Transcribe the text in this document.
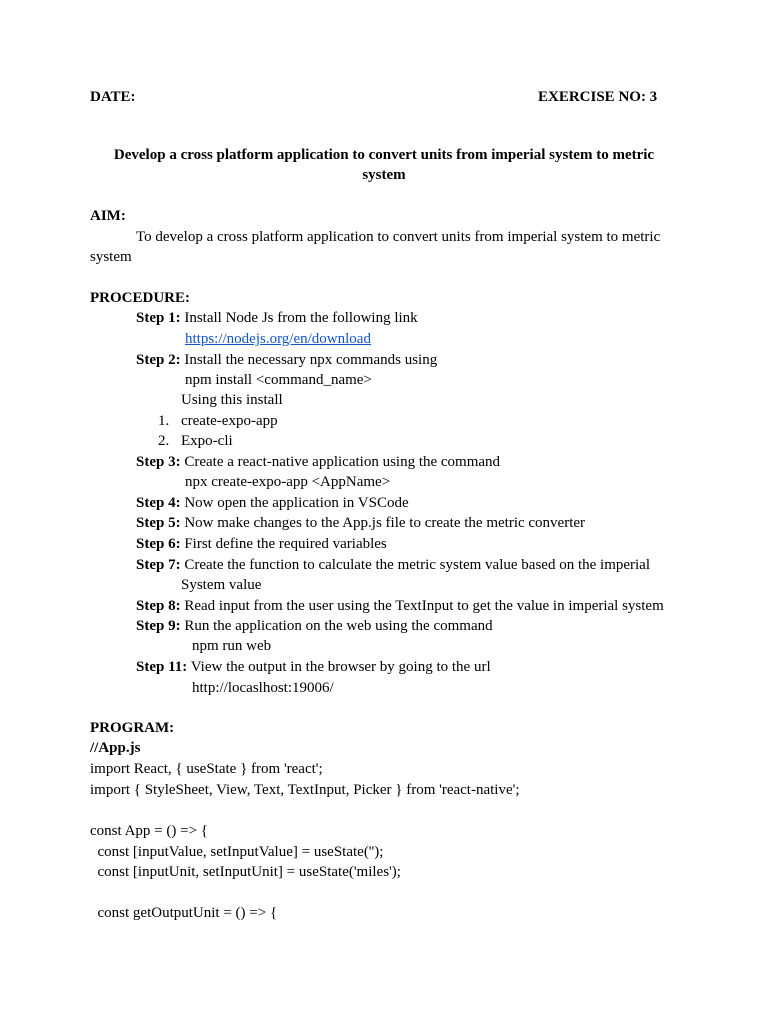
DATE:	EXERCISE NO: 3
Develop a cross platform application to convert units from imperial system to metric
system
AIM:
To develop a cross platform application to convert units from imperial system to metric
system
PROCEDURE:
Step 1: Install Node Js from the following link
https://nodejs.org/en/download
Step 2: Install the necessary npx commands using
npm install <command_name>
Using this install
1. create-expo-app
2. Expo-cli
Step 3: Create a react-native application using the command
npx create-expo-app <AppName>
Step 4: Now open the application in VSCode
Step 5: Now make changes to the App.js file to create the metric converter
Step 6: First define the required variables
Step 7: Create the function to calculate the metric system value based on the imperial
System value
Step 8: Read input from the user using the TextInput to get the value in imperial system
Step 9: Run the application on the web using the command
npm run web
Step 11: View the output in the browser by going to the url
http://locaslhost:19006/
PROGRAM:
//App.js
import React, { useState } from 'react';
import { StyleSheet, View, Text, TextInput, Picker } from 'react-native';
const App = () => {
const [inputValue, setInputValue] = useState('');
const [inputUnit, setInputUnit] = useState('miles');
const getOutputUnit = () => {
